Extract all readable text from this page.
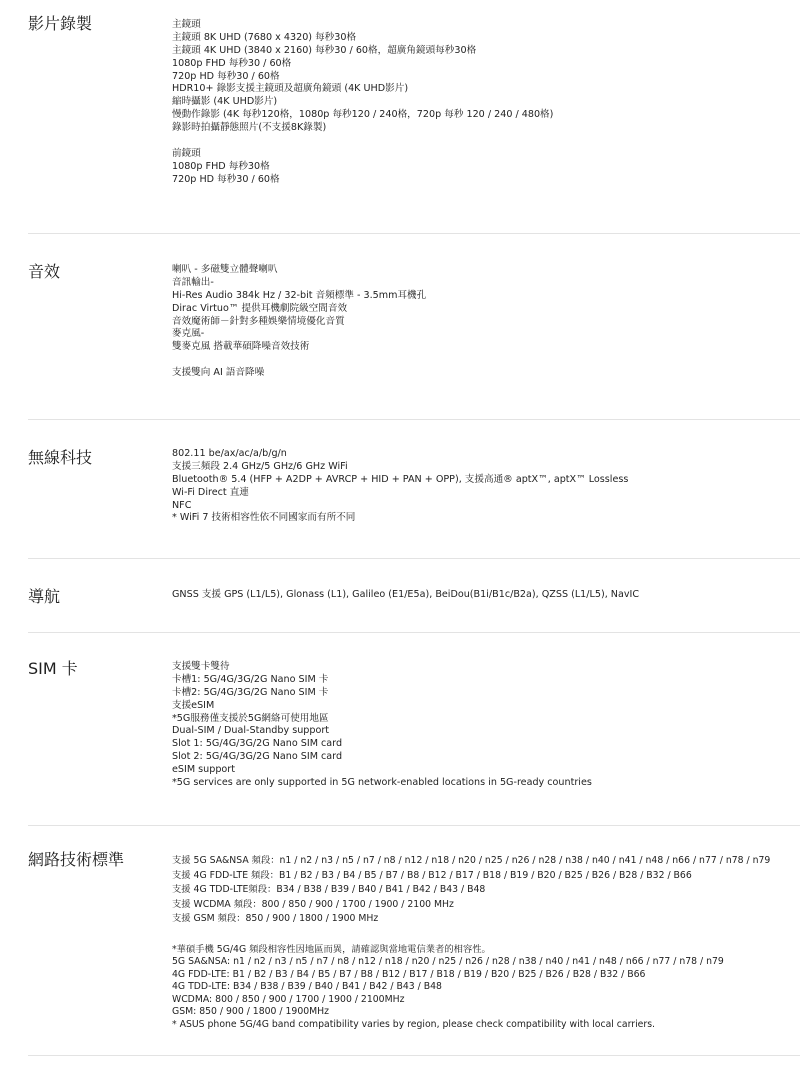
影片錄製	主鏡頭
主鏡頭 8K UHD (7680 x 4320) 每秒30格
主鏡頭 4K UHD (3840 x 2160) 每秒30 / 60格，超廣角鏡頭每秒30格
1080p FHD 每秒30 / 60格
720p HD 每秒30 / 60格
HDR10+ 錄影支援主鏡頭及超廣角鏡頭 (4K UHD影片)
縮時攝影 (4K UHD影片)
慢動作錄影 (4K 每秒120格，1080p 每秒120 / 240格，720p 每秒 120 / 240 / 480格)
錄影時拍攝靜態照片(不支援8K錄製)
前鏡頭
1080p FHD 每秒30格
720p HD 每秒30 / 60格
音效	喇叭 - 多磁雙立體聲喇叭
音訊輸出-
Hi-Res Audio 384k Hz / 32-bit 音頻標準 - 3.5mm耳機孔
Dirac Virtuo™ 提供耳機劇院級空間音效
音效魔術師－針對多種娛樂情境優化音質
麥克風-
雙麥克風 搭載華碩降噪音效技術
支援雙向 AI 語音降噪
無線科技	802.11 be/ax/ac/a/b/g/n
支援三頻段 2.4 GHz/5 GHz/6 GHz WiFi
Bluetooth® 5.4 (HFP + A2DP + AVRCP + HID + PAN + OPP), 支援高通® aptX™, aptX™ Lossless
Wi-Fi Direct 直連
NFC
* WiFi 7 技術相容性依不同國家而有所不同
導航	GNSS 支援 GPS (L1/L5), Glonass (L1), Galileo (E1/E5a), BeiDou(B1i/B1c/B2a), QZSS (L1/L5), NavIC
SIM 卡	支援雙卡雙待
卡槽1: 5G/4G/3G/2G Nano SIM 卡
卡槽2: 5G/4G/3G/2G Nano SIM 卡
支援eSIM
*5G服務僅支援於5G網絡可使用地區
Dual-SIM / Dual-Standby support
Slot 1: 5G/4G/3G/2G Nano SIM card
Slot 2: 5G/4G/3G/2G Nano SIM card
eSIM support
*5G services are only supported in 5G network-enabled locations in 5G-ready countries
網路技術標準	支援 5G SA&NSA 頻段：n1 / n2 / n3 / n5 / n7 / n8 / n12 / n18 / n20 / n25 / n26 / n28 / n38 / n40 / n41 / n48 / n66 / n77 / n78 / n79
支援 4G FDD-LTE 頻段：B1 / B2 / B3 / B4 / B5 / B7 / B8 / B12 / B17 / B18 / B19 / B20 / B25 / B26 / B28 / B32 / B66
支援 4G TDD-LTE頻段：B34 / B38 / B39 / B40 / B41 / B42 / B43 / B48
支援 WCDMA 頻段：800 / 850 / 900 / 1700 / 1900 / 2100 MHz
支援 GSM 頻段：850 / 900 / 1800 / 1900 MHz
*華碩手機 5G/4G 頻段相容性因地區而異，請確認與當地電信業者的相容性。
5G SA&NSA: n1 / n2 / n3 / n5 / n7 / n8 / n12 / n18 / n20 / n25 / n26 / n28 / n38 / n40 / n41 / n48 / n66 / n77 / n78 / n79
4G FDD-LTE: B1 / B2 / B3 / B4 / B5 / B7 / B8 / B12 / B17 / B18 / B19 / B20 / B25 / B26 / B28 / B32 / B66
4G TDD-LTE: B34 / B38 / B39 / B40 / B41 / B42 / B43 / B48
WCDMA: 800 / 850 / 900 / 1700 / 1900 / 2100MHz
GSM: 850 / 900 / 1800 / 1900MHz
* ASUS phone 5G/4G band compatibility varies by region, please check compatibility with local carriers.
